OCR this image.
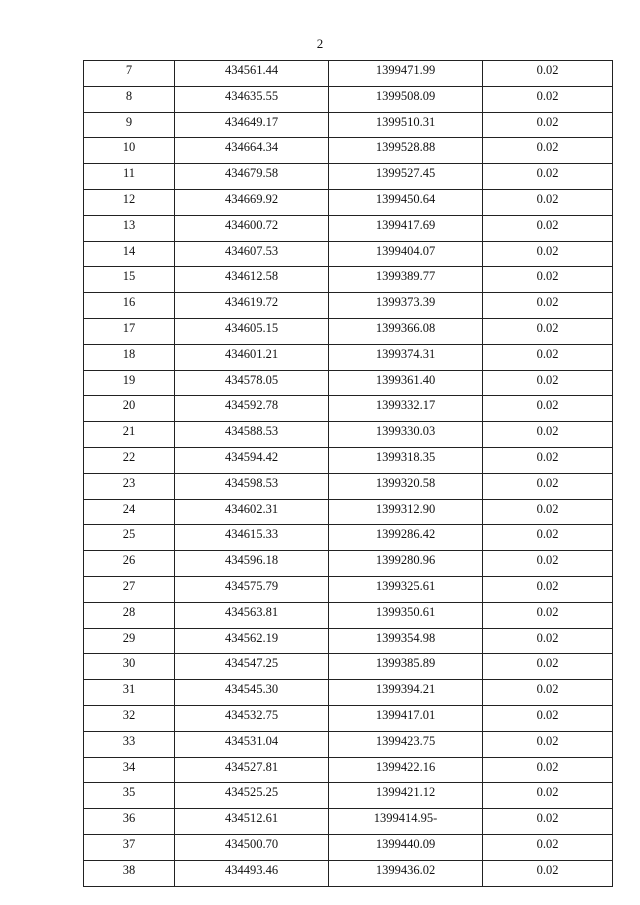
2
7	434561.44	1399471.99	0.02
8	434635.55	1399508.09	0.02
9	434649.17	1399510.31	0.02
10	434664.34	1399528.88	0.02
11	434679.58	1399527.45	0.02
12	434669.92	1399450.64	0.02
13	434600.72	1399417.69	0.02
14	434607.53	1399404.07	0.02
15	434612.58	1399389.77	0.02
16	434619.72	1399373.39	0.02
17	434605.15	1399366.08	0.02
18	434601.21	1399374.31	0.02
19	434578.05	1399361.40	0.02
20	434592.78	1399332.17	0.02
21	434588.53	1399330.03	0.02
22	434594.42	1399318.35	0.02
23	434598.53	1399320.58	0.02
24	434602.31	1399312.90	0.02
25	434615.33	1399286.42	0.02
26	434596.18	1399280.96	0.02
27	434575.79	1399325.61	0.02
28	434563.81	1399350.61	0.02
29	434562.19	1399354.98	0.02
30	434547.25	1399385.89	0.02
31	434545.30	1399394.21	0.02
32	434532.75	1399417.01	0.02
33	434531.04	1399423.75	0.02
34	434527.81	1399422.16	0.02
35	434525.25	1399421.12	0.02
36	434512.61	1399414.95-	0.02
37	434500.70	1399440.09	0.02
38	434493.46	1399436.02	0.02
